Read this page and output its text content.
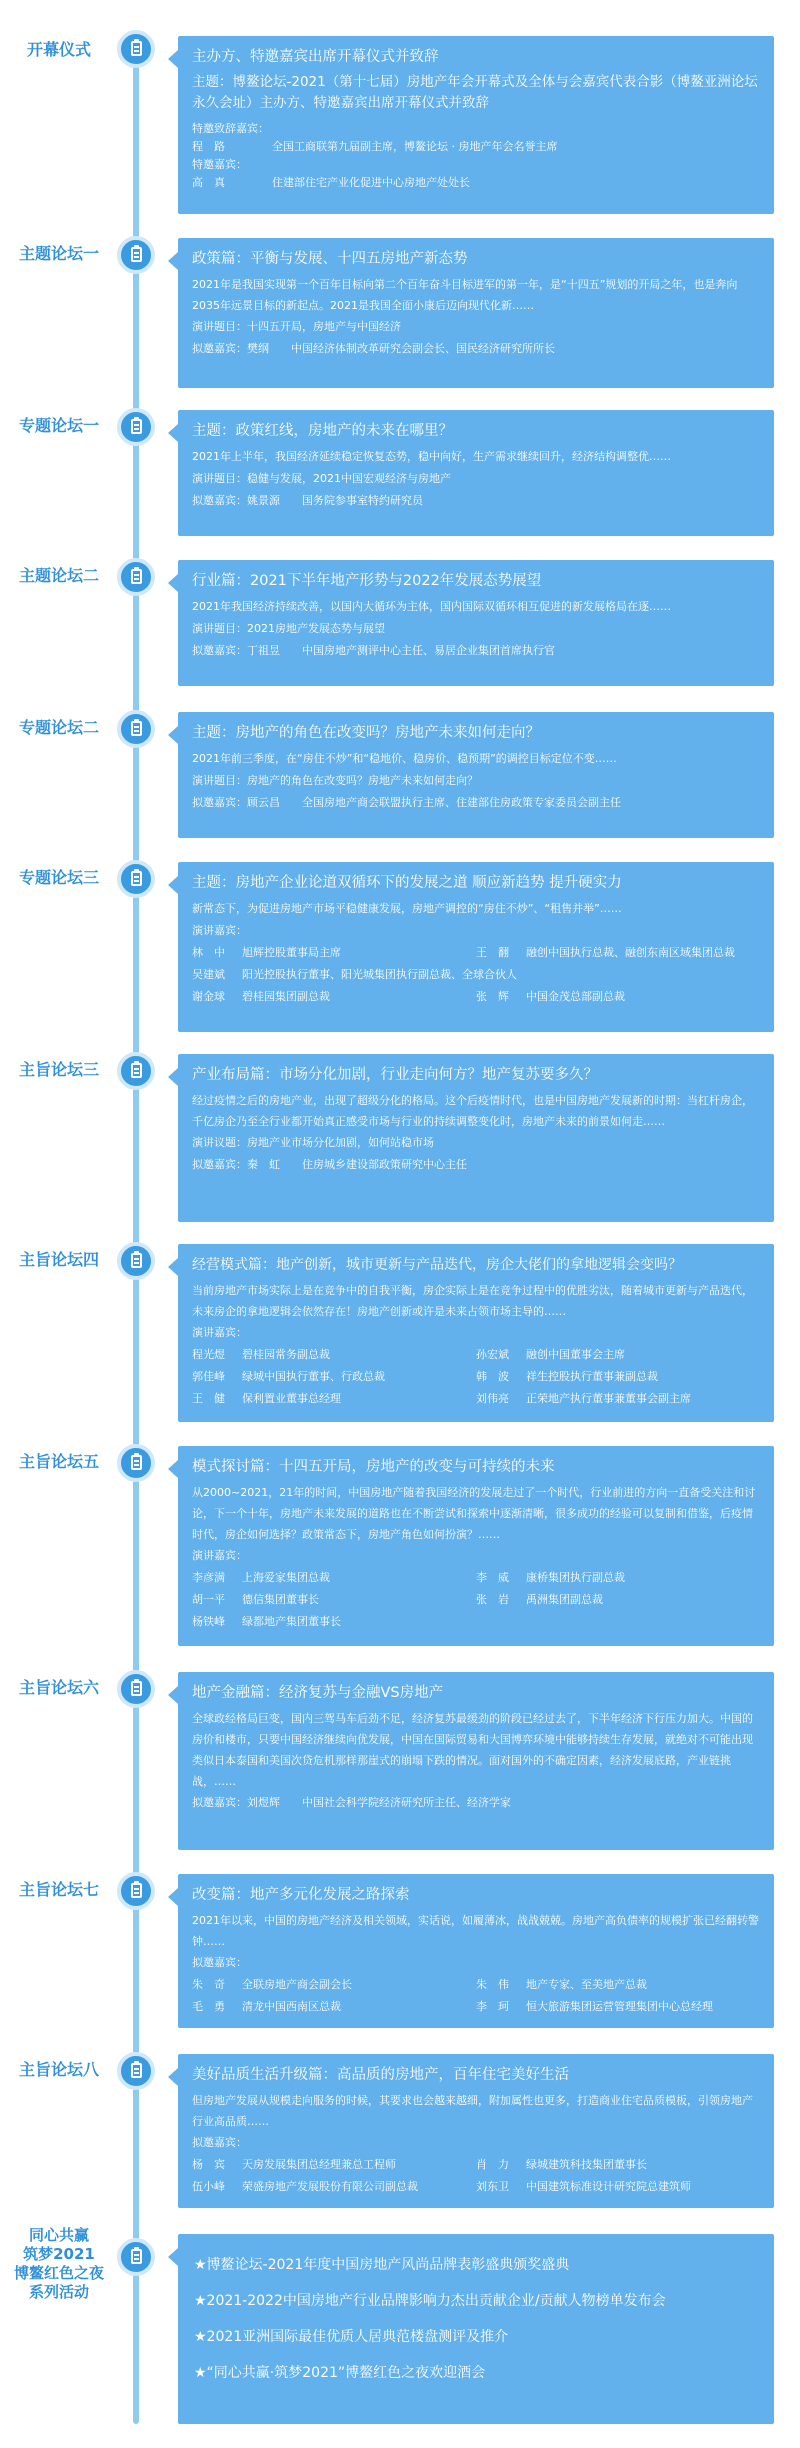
开幕仪式	主办方、特邀嘉宾出席开幕仪式并致辞
主题：博鳌论坛-2021（第十七届）房地产年会开幕式及全体与会嘉宾代表合影（博鳌亚洲论坛永久会址）主办方、特邀嘉宾出席开幕仪式并致辞
特邀致辞嘉宾：
程　路	全国工商联第九届副主席，博鳌论坛 · 房地产年会名誉主席
特邀嘉宾：
高　真	住建部住宅产业化促进中心房地产处处长
主题论坛一	政策篇：平衡与发展、十四五房地产新态势
2021年是我国实现第一个百年目标向第二个百年奋斗目标进军的第一年，是“十四五”规划的开局之年，也是奔向2035年远景目标的新起点。2021是我国全面小康后迈向现代化新……
演讲题目：十四五开局，房地产与中国经济
拟邀嘉宾：樊纲　　中国经济体制改革研究会副会长、国民经济研究所所长
专题论坛一	主题：政策红线，房地产的未来在哪里？
2021年上半年，我国经济延续稳定恢复态势，稳中向好，生产需求继续回升，经济结构调整优……
演讲题目：稳健与发展，2021中国宏观经济与房地产
拟邀嘉宾：姚景源　　国务院参事室特约研究员
主题论坛二	行业篇：2021下半年地产形势与2022年发展态势展望
2021年我国经济持续改善，以国内大循环为主体，国内国际双循环相互促进的新发展格局在逐……
演讲题目：2021房地产发展态势与展望
拟邀嘉宾：丁祖昱　　中国房地产测评中心主任、易居企业集团首席执行官
专题论坛二	主题：房地产的角色在改变吗？房地产未来如何走向？
2021年前三季度，在“房住不炒”和“稳地价、稳房价、稳预期”的调控目标定位不变……
演讲题目：房地产的角色在改变吗？房地产未来如何走向？
拟邀嘉宾：顾云昌　　全国房地产商会联盟执行主席、住建部住房政策专家委员会副主任
专题论坛三	主题：房地产企业论道双循环下的发展之道 顺应新趋势 提升硬实力
新常态下，为促进房地产市场平稳健康发展，房地产调控的“房住不炒”、“租售并举”……
演讲嘉宾：
林　中 旭辉控股董事局主席	王　翻 融创中国执行总裁、融创东南区域集团总裁
吴建斌 阳光控股执行董事、阳光城集团执行副总裁、全球合伙人
谢金球 碧桂园集团副总裁	张　辉 中国金茂总部副总裁
主旨论坛三	产业布局篇：市场分化加剧，行业走向何方？地产复苏要多久？
经过疫情之后的房地产业，出现了超级分化的格局。这个后疫情时代，也是中国房地产发展新的时期：当杠杆房企，千亿房企乃至全行业都开始真正感受市场与行业的持续调整变化时，房地产未来的前景如何走……
演讲议题：房地产业市场分化加剧，如何站稳市场
拟邀嘉宾：秦　虹　　住房城乡建设部政策研究中心主任
主旨论坛四	经营模式篇：地产创新，城市更新与产品迭代，房企大佬们的拿地逻辑会变吗？
当前房地产市场实际上是在竞争中的自我平衡，房企实际上是在竞争过程中的优胜劣汰，随着城市更新与产品迭代，未来房企的拿地逻辑会依然存在！房地产创新或许是未来占领市场主导的……
演讲嘉宾：
程光煜 碧桂园常务副总裁	孙宏斌 融创中国董事会主席
郭佳峰 绿城中国执行董事、行政总裁	韩　波 祥生控股执行董事兼副总裁
王　健 保利置业董事总经理	刘伟亮 正荣地产执行董事兼董事会副主席
主旨论坛五	模式探讨篇：十四五开局，房地产的改变与可持续的未来
从2000~2021，21年的时间，中国房地产随着我国经济的发展走过了一个时代，行业前进的方向一直备受关注和讨论，下一个十年，房地产未来发展的道路也在不断尝试和探索中逐渐清晰，很多成功的经验可以复制和借鉴，后疫情时代，房企如何选择？政策常态下，房地产角色如何扮演？……
演讲嘉宾：
李彦满 上海爱家集团总裁	李　威 康桥集团执行副总裁
胡一平 德信集团董事长	张　岩 禹洲集团副总裁
杨铁峰 绿都地产集团董事长
主旨论坛六	地产金融篇：经济复苏与金融VS房地产
全球政经格局巨变，国内三驾马车后劲不足，经济复苏最缓劲的阶段已经过去了，下半年经济下行压力加大。中国的房价和楼市，只要中国经济继续向优发展，中国在国际贸易和大国博弈环境中能够持续生存发展，就绝对不可能出现类似日本泰国和美国次贷危机那样那崖式的崩塌下跌的情况。面对国外的不确定因素，经济发展底路，产业链挑战，……
拟邀嘉宾：刘煜辉　　中国社会科学院经济研究所主任、经济学家
主旨论坛七	改变篇：地产多元化发展之路探索
2021年以来，中国的房地产经济及相关领域，实话说，如履薄冰，战战兢兢。房地产高负债率的规模扩张已经翻转警钟……
拟邀嘉宾：
朱　奇 全联房地产商会副会长	朱　伟 地产专家、至美地产总裁
毛　勇 清龙中国西南区总裁	李　珂 恒大旅游集团运营管理集团中心总经理
主旨论坛八	美好品质生活升级篇：高品质的房地产，百年住宅美好生活
但房地产发展从规模走向服务的时候，其要求也会越来越细，附加属性也更多，打造商业住宅品质模板，引领房地产行业高品质……
拟邀嘉宾：
杨　宾 天房发展集团总经理兼总工程师	肖　力 绿城建筑科技集团董事长
伍小峰 荣盛房地产发展股份有限公司副总裁	刘东卫 中国建筑标准设计研究院总建筑师
同心共赢
筑梦2021
博鳌红色之夜
系列活动
★博鳌论坛-2021年度中国房地产风尚品牌表彰盛典颁奖盛典
★2021-2022中国房地产行业品牌影响力杰出贡献企业/贡献人物榜单发布会
★2021亚洲国际最佳优质人居典范楼盘测评及推介
★“同心共赢·筑梦2021”博鳌红色之夜欢迎酒会
